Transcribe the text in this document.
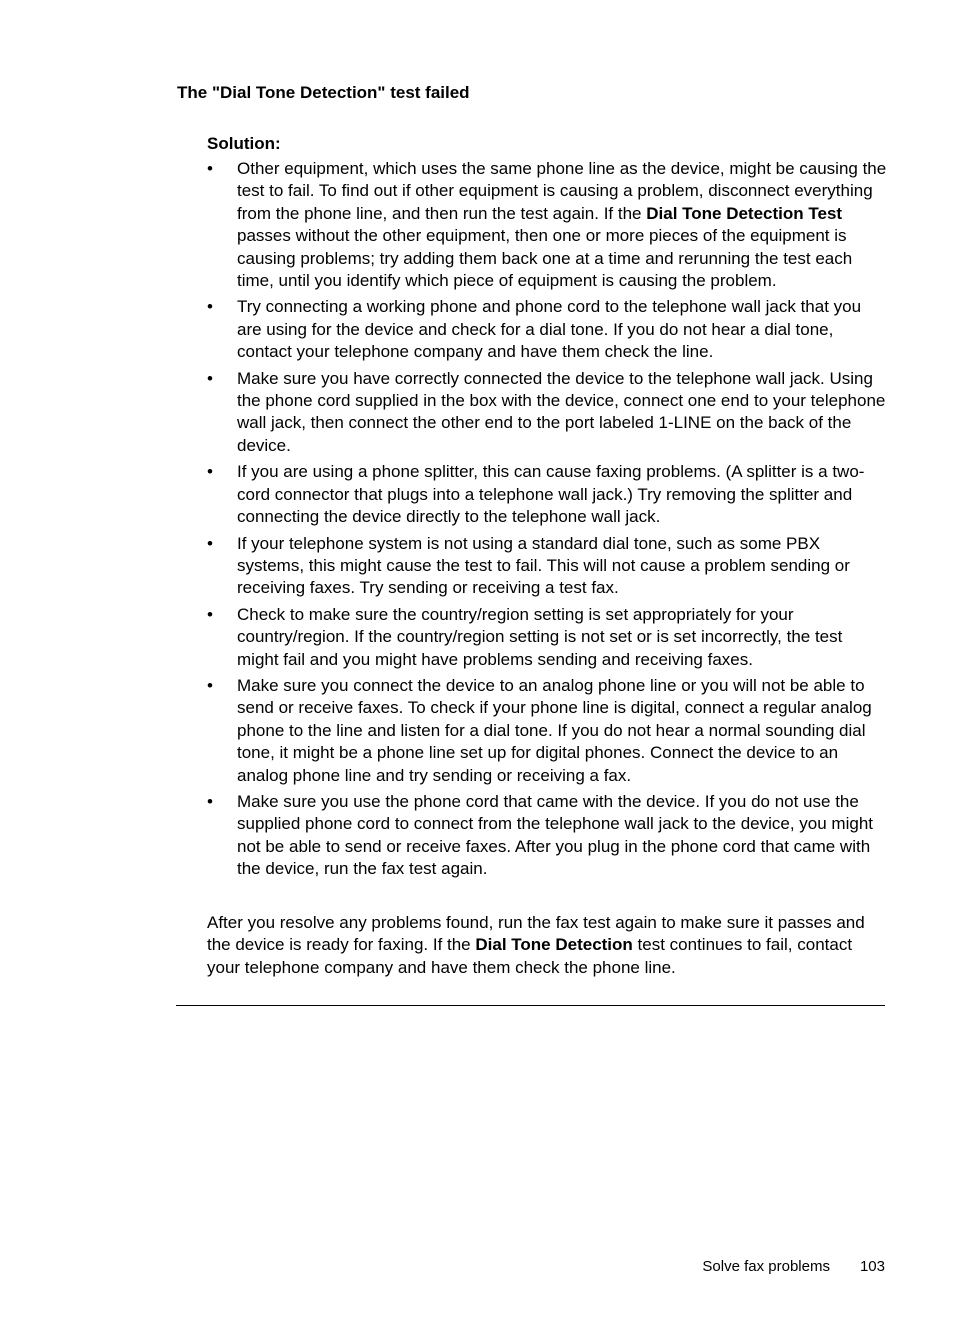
The "Dial Tone Detection" test failed

Solution:

•	Other equipment, which uses the same phone line as the device, might be causing the test to fail. To find out if other equipment is causing a problem, disconnect everything from the phone line, and then run the test again. If the Dial Tone Detection Test passes without the other equipment, then one or more pieces of the equipment is causing problems; try adding them back one at a time and rerunning the test each time, until you identify which piece of equipment is causing the problem.
•	Try connecting a working phone and phone cord to the telephone wall jack that you are using for the device and check for a dial tone. If you do not hear a dial tone, contact your telephone company and have them check the line.
•	Make sure you have correctly connected the device to the telephone wall jack. Using the phone cord supplied in the box with the device, connect one end to your telephone wall jack, then connect the other end to the port labeled 1-LINE on the back of the device.
•	If you are using a phone splitter, this can cause faxing problems. (A splitter is a two-cord connector that plugs into a telephone wall jack.) Try removing the splitter and connecting the device directly to the telephone wall jack.
•	If your telephone system is not using a standard dial tone, such as some PBX systems, this might cause the test to fail. This will not cause a problem sending or receiving faxes. Try sending or receiving a test fax.
•	Check to make sure the country/region setting is set appropriately for your country/region. If the country/region setting is not set or is set incorrectly, the test might fail and you might have problems sending and receiving faxes.
•	Make sure you connect the device to an analog phone line or you will not be able to send or receive faxes. To check if your phone line is digital, connect a regular analog phone to the line and listen for a dial tone. If you do not hear a normal sounding dial tone, it might be a phone line set up for digital phones. Connect the device to an analog phone line and try sending or receiving a fax.
•	Make sure you use the phone cord that came with the device. If you do not use the supplied phone cord to connect from the telephone wall jack to the device, you might not be able to send or receive faxes. After you plug in the phone cord that came with the device, run the fax test again.

After you resolve any problems found, run the fax test again to make sure it passes and the device is ready for faxing. If the Dial Tone Detection test continues to fail, contact your telephone company and have them check the phone line.

Solve fax problems 103
